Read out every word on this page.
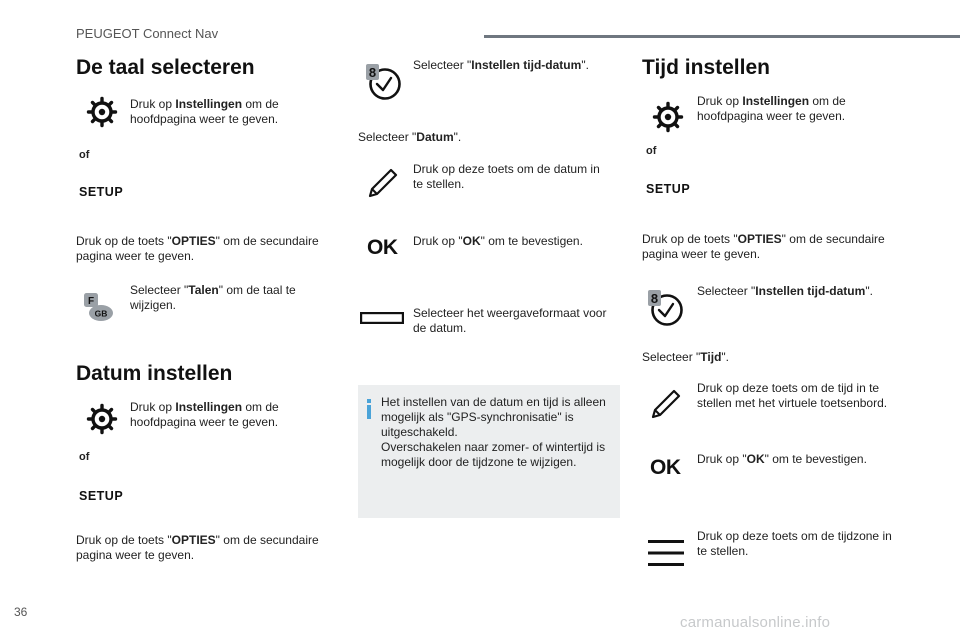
PEUGEOT Connect Nav
De taal selecteren
Druk op Instellingen om de hoofdpagina weer te geven.
of
SETUP
Druk op de toets "OPTIES" om de secundaire pagina weer te geven.
F
GB
Selecteer "Talen" om de taal te wijzigen.
Datum instellen
Druk op Instellingen om de hoofdpagina weer te geven.
of
SETUP
Druk op de toets "OPTIES" om de secundaire pagina weer te geven.
8	Selecteer "Instellen tijd-datum".
Selecteer "Datum".
Druk op deze toets om de datum in te stellen.
OK Druk op "OK" om te bevestigen.
Selecteer het weergaveformaat voor de datum.
Het instellen van de datum en tijd is alleen mogelijk als "GPS-synchronisatie" is uitgeschakeld.
Overschakelen naar zomer- of wintertijd is mogelijk door de tijdzone te wijzigen.
Tijd instellen
Druk op Instellingen om de hoofdpagina weer te geven.
of
SETUP
Druk op de toets "OPTIES" om de secundaire pagina weer te geven.
8	Selecteer "Instellen tijd-datum".
Selecteer "Tijd".
Druk op deze toets om de tijd in te stellen met het virtuele toetsenbord.
OK Druk op "OK" om te bevestigen.
Druk op deze toets om de tijdzone in te stellen.
36
carmanualsonline.info
